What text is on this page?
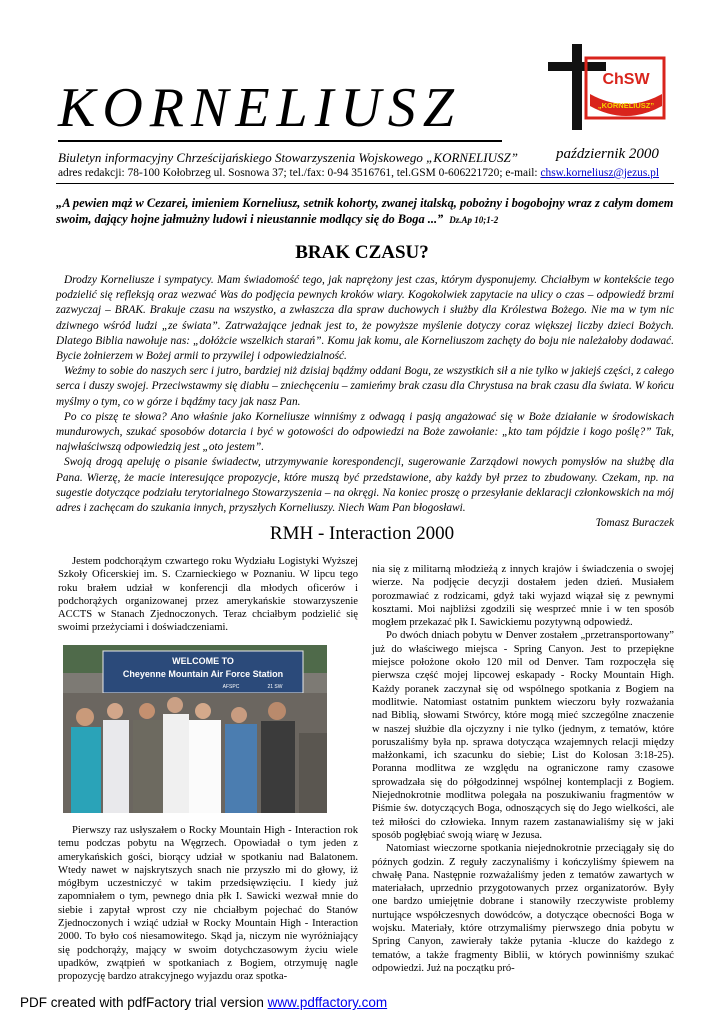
KORNELIUSZ	ChSW
„KORNELIUSZ”
Biuletyn informacyjny Chrześcijańskiego Stowarzyszenia Wojskowego „KORNELIUSZ”	październik 2000
adres redakcji: 78-100 Kołobrzeg ul. Sosnowa 37; tel./fax: 0-94 3516761, tel.GSM 0-606221720; e-mail: chsw.korneliusz@jezus.pl
„A pewien mąż w Cezarei, imieniem Korneliusz, setnik kohorty, zwanej italską, pobożny i bogobojny wraz z całym domem swoim, dający hojne jałmużny ludowi i nieustannie modlący się do Boga ...” Dz.Ap 10;1-2
BRAK CZASU?

Drodzy Korneliusze i sympatycy. Mam świadomość tego, jak naprężony jest czas, którym dysponujemy. Chciałbym w kontekście tego podzielić się refleksją oraz wezwać Was do podjęcia pewnych kroków wiary. Kogokolwiek zapytacie na ulicy o czas – odpowiedź brzmi zazwyczaj – BRAK. Brakuje czasu na wszystko, a zwłaszcza dla spraw duchowych i służby dla Królestwa Bożego. Nie ma w tym nic dziwnego wśród ludzi „ze świata”. Zatrważające jednak jest to, że powyższe myślenie dotyczy coraz większej liczby dzieci Bożych. Dlatego Biblia nawołuje nas: „dołóżcie wszelkich starań”. Komu jak komu, ale Korneliuszom zachęty do boju nie należałoby dodawać. Bycie żołnierzem w Bożej armii to przywilej i odpowiedzialność.

Weźmy to sobie do naszych serc i jutro, bardziej niż dzisiaj bądźmy oddani Bogu, ze wszystkich sił a nie tylko w jakiejś części, z całego serca i duszy swojej. Przeciwstawmy się diabłu – zniechęceniu – zamieńmy brak czasu dla Chrystusa na brak czasu dla świata. W końcu myślmy o tym, co w górze i bądźmy tacy jak nasz Pan.

Po co piszę te słowa? Ano właśnie jako Korneliusze winniśmy z odwagą i pasją angażować się w Boże działanie w środowiskach mundurowych, szukać sposobów dotarcia i być w gotowości do odpowiedzi na Boże zawołanie: „kto tam pójdzie i kogo poślę?” Tak, najwłaściwszą odpowiedzią jest „oto jestem”.

Swoją drogą apeluję o pisanie świadectw, utrzymywanie korespondencji, sugerowanie Zarządowi nowych pomysłów na służbę dla Pana. Wierzę, że macie interesujące propozycje, które muszą być przedstawione, aby każdy był przez to zbudowany. Czekam, np. na sugestie dotyczące podziału terytorialnego Stowarzyszenia – na okręgi. Na koniec proszę o przesyłanie deklaracji członkowskich na mój adres i zachęcam do szukania innych, przyszłych Korneliuszy. Niech Wam Pan błogosławi.

Tomasz Buraczek

RMH - Interaction 2000

Jestem podchorążym czwartego roku Wydziału Logistyki Wyższej Szkoły Oficerskiej im. S. Czarnieckiego w Poznaniu. W lipcu tego roku brałem udział w konferencji dla młodych oficerów i podchorążych organizowanej przez amerykańskie stowarzyszenie ACCTS w Stanach Zjednoczonych. Teraz chciałbym podzielić się swoimi przeżyciami i doświadczeniami.

WELCOME TO
Cheyenne Mountain Air Force Station
AFSPC	21 SW

Pierwszy raz usłyszałem o Rocky Mountain High - Interaction rok temu podczas pobytu na Węgrzech. Opowiadał o tym jeden z amerykańskich gości, biorący udział w spotkaniu nad Balatonem. Wtedy nawet w najskrytszych snach nie przyszło mi do głowy, iż mógłbym uczestniczyć w takim przedsięwzięciu. I kiedy już zapomniałem o tym, pewnego dnia płk I. Sawicki wezwał mnie do siebie i zapytał wprost czy nie chciałbym pojechać do Stanów Zjednoczonych i wziąć udział w Rocky Mountain High - Interaction 2000. To było coś niesamowitego. Skąd ja, niczym nie wyróżniający się podchorąży, mający w swoim dotychczasowym życiu wiele upadków, zwątpień w spotkaniach z Bogiem, otrzymuję nagle propozycję bardzo atrakcyjnego wyjazdu oraz spotka-

nia się z militarną młodzieżą z innych krajów i świadczenia o swojej wierze. Na podjęcie decyzji dostałem jeden dzień. Musiałem porozmawiać z rodzicami, gdyż taki wyjazd wiązał się z pewnymi kosztami. Moi najbliżsi zgodzili się wesprzeć mnie i w ten sposób mogłem przekazać płk I. Sawickiemu pozytywną odpowiedź.

Po dwóch dniach pobytu w Denver zostałem „przetransportowany” już do właściwego miejsca - Spring Canyon. Jest to przepiękne miejsce położone około 120 mil od Denver. Tam rozpoczęła się pierwsza część mojej lipcowej eskapady - Rocky Mountain High. Każdy poranek zaczynał się od wspólnego spotkania z Bogiem na modlitwie. Natomiast ostatnim punktem wieczoru były rozważania nad Biblią, słowami Stwórcy, które mogą mieć szczególne znaczenie w naszej służbie dla ojczyzny i nie tylko (jednym, z tematów, które poruszaliśmy była np. sprawa dotycząca wzajemnych relacji między małżonkami, ich szacunku do siebie; List do Kolosan 3:18-25). Poranna modlitwa ze względu na ograniczone ramy czasowe sprowadzała się do półgodzinnej wspólnej kontemplacji z Bogiem. Niejednokrotnie modlitwa polegała na poszukiwaniu fragmentów w Piśmie św. dotyczących Boga, odnoszących się do Jego wielkości, ale też miłości do człowieka. Innym razem zastanawialiśmy się w jaki sposób pogłębiać swoją wiarę w Jezusa.

Natomiast wieczorne spotkania niejednokrotnie przeciągały się do późnych godzin. Z reguły zaczynaliśmy i kończyliśmy śpiewem na chwałę Pana. Następnie rozważaliśmy jeden z tematów zawartych w materiałach, uprzednio przygotowanych przez organizatorów. Były one bardzo umiejętnie dobrane i stanowiły rzeczywiste problemy nurtujące współczesnych dowódców, a dotyczące obecności Boga w wojsku. Materiały, które otrzymaliśmy pierwszego dnia pobytu w Spring Canyon, zawierały także pytania -klucze do każdego z tematów, a także fragmenty Biblii, w których powinniśmy szukać odpowiedzi. Już na początku pró-

PDF created with pdfFactory trial version www.pdffactory.com
